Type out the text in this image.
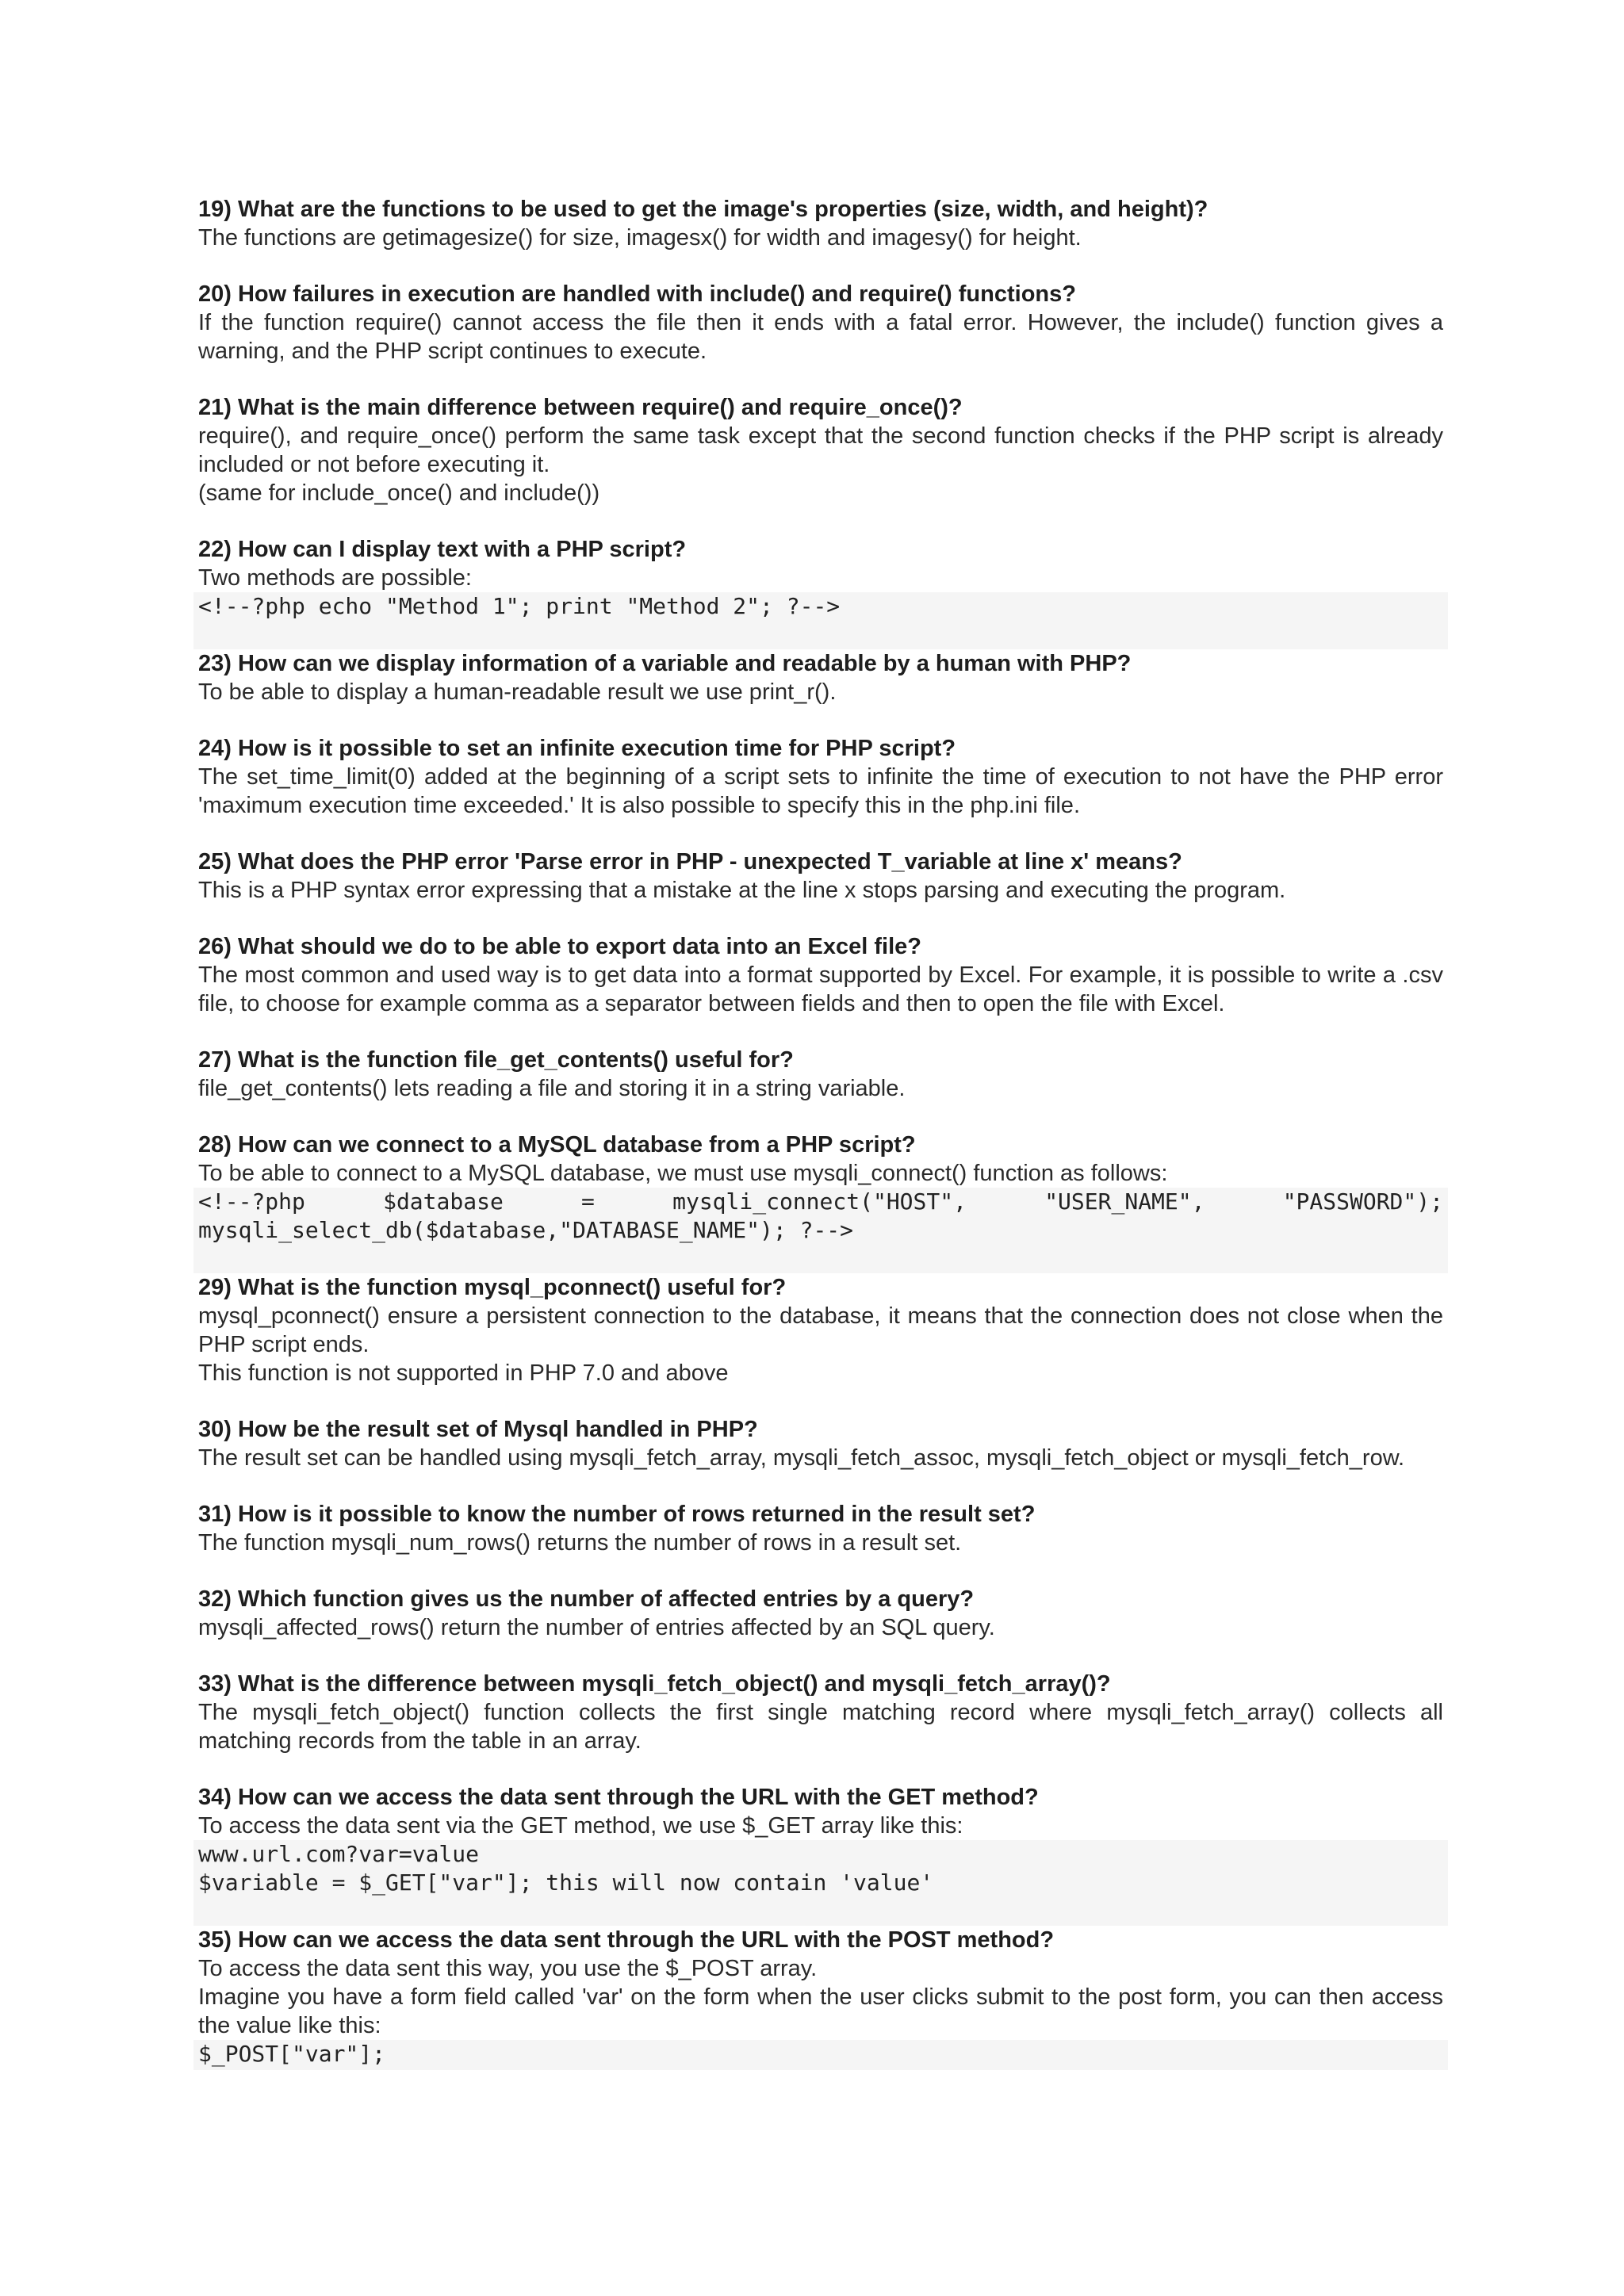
19) What are the functions to be used to get the image's properties (size, width, and height)?

The functions are getimagesize() for size, imagesx() for width and imagesy() for height.

20) How failures in execution are handled with include() and require() functions?

If the function require() cannot access the file then it ends with a fatal error. However, the include() function gives a warning, and the PHP script continues to execute.

21) What is the main difference between require() and require_once()?

require(), and require_once() perform the same task except that the second function checks if the PHP script is already included or not before executing it.

(same for include_once() and include())

22) How can I display text with a PHP script?

Two methods are possible:

<!--?php echo "Method 1"; print "Method 2"; ?-->

23) How can we display information of a variable and readable by a human with PHP?

To be able to display a human-readable result we use print_r().

24) How is it possible to set an infinite execution time for PHP script?

The set_time_limit(0) added at the beginning of a script sets to infinite the time of execution to not have the PHP error 'maximum execution time exceeded.' It is also possible to specify this in the php.ini file.

25) What does the PHP error 'Parse error in PHP - unexpected T_variable at line x' means?

This is a PHP syntax error expressing that a mistake at the line x stops parsing and executing the program.

26) What should we do to be able to export data into an Excel file?

The most common and used way is to get data into a format supported by Excel. For example, it is possible to write a .csv file, to choose for example comma as a separator between fields and then to open the file with Excel.

27) What is the function file_get_contents() useful for?

file_get_contents() lets reading a file and storing it in a string variable.

28) How can we connect to a MySQL database from a PHP script?

To be able to connect to a MySQL database, we must use mysqli_connect() function as follows:

<!--?php $database = mysqli_connect("HOST", "USER_NAME", "PASSWORD");
mysqli_select_db($database,"DATABASE_NAME"); ?-->

29) What is the function mysql_pconnect() useful for?

mysql_pconnect() ensure a persistent connection to the database, it means that the connection does not close when the PHP script ends.

This function is not supported in PHP 7.0 and above

30) How be the result set of Mysql handled in PHP?

The result set can be handled using mysqli_fetch_array, mysqli_fetch_assoc, mysqli_fetch_object or mysqli_fetch_row.

31) How is it possible to know the number of rows returned in the result set?

The function mysqli_num_rows() returns the number of rows in a result set.

32) Which function gives us the number of affected entries by a query?

mysqli_affected_rows() return the number of entries affected by an SQL query.

33) What is the difference between mysqli_fetch_object() and mysqli_fetch_array()?

The mysqli_fetch_object() function collects the first single matching record where mysqli_fetch_array() collects all matching records from the table in an array.

34) How can we access the data sent through the URL with the GET method?

To access the data sent via the GET method, we use $_GET array like this:

www.url.com?var=value
$variable = $_GET["var"]; this will now contain 'value'

35) How can we access the data sent through the URL with the POST method?

To access the data sent this way, you use the $_POST array.

Imagine you have a form field called 'var' on the form when the user clicks submit to the post form, you can then access the value like this:

$_POST["var"];
